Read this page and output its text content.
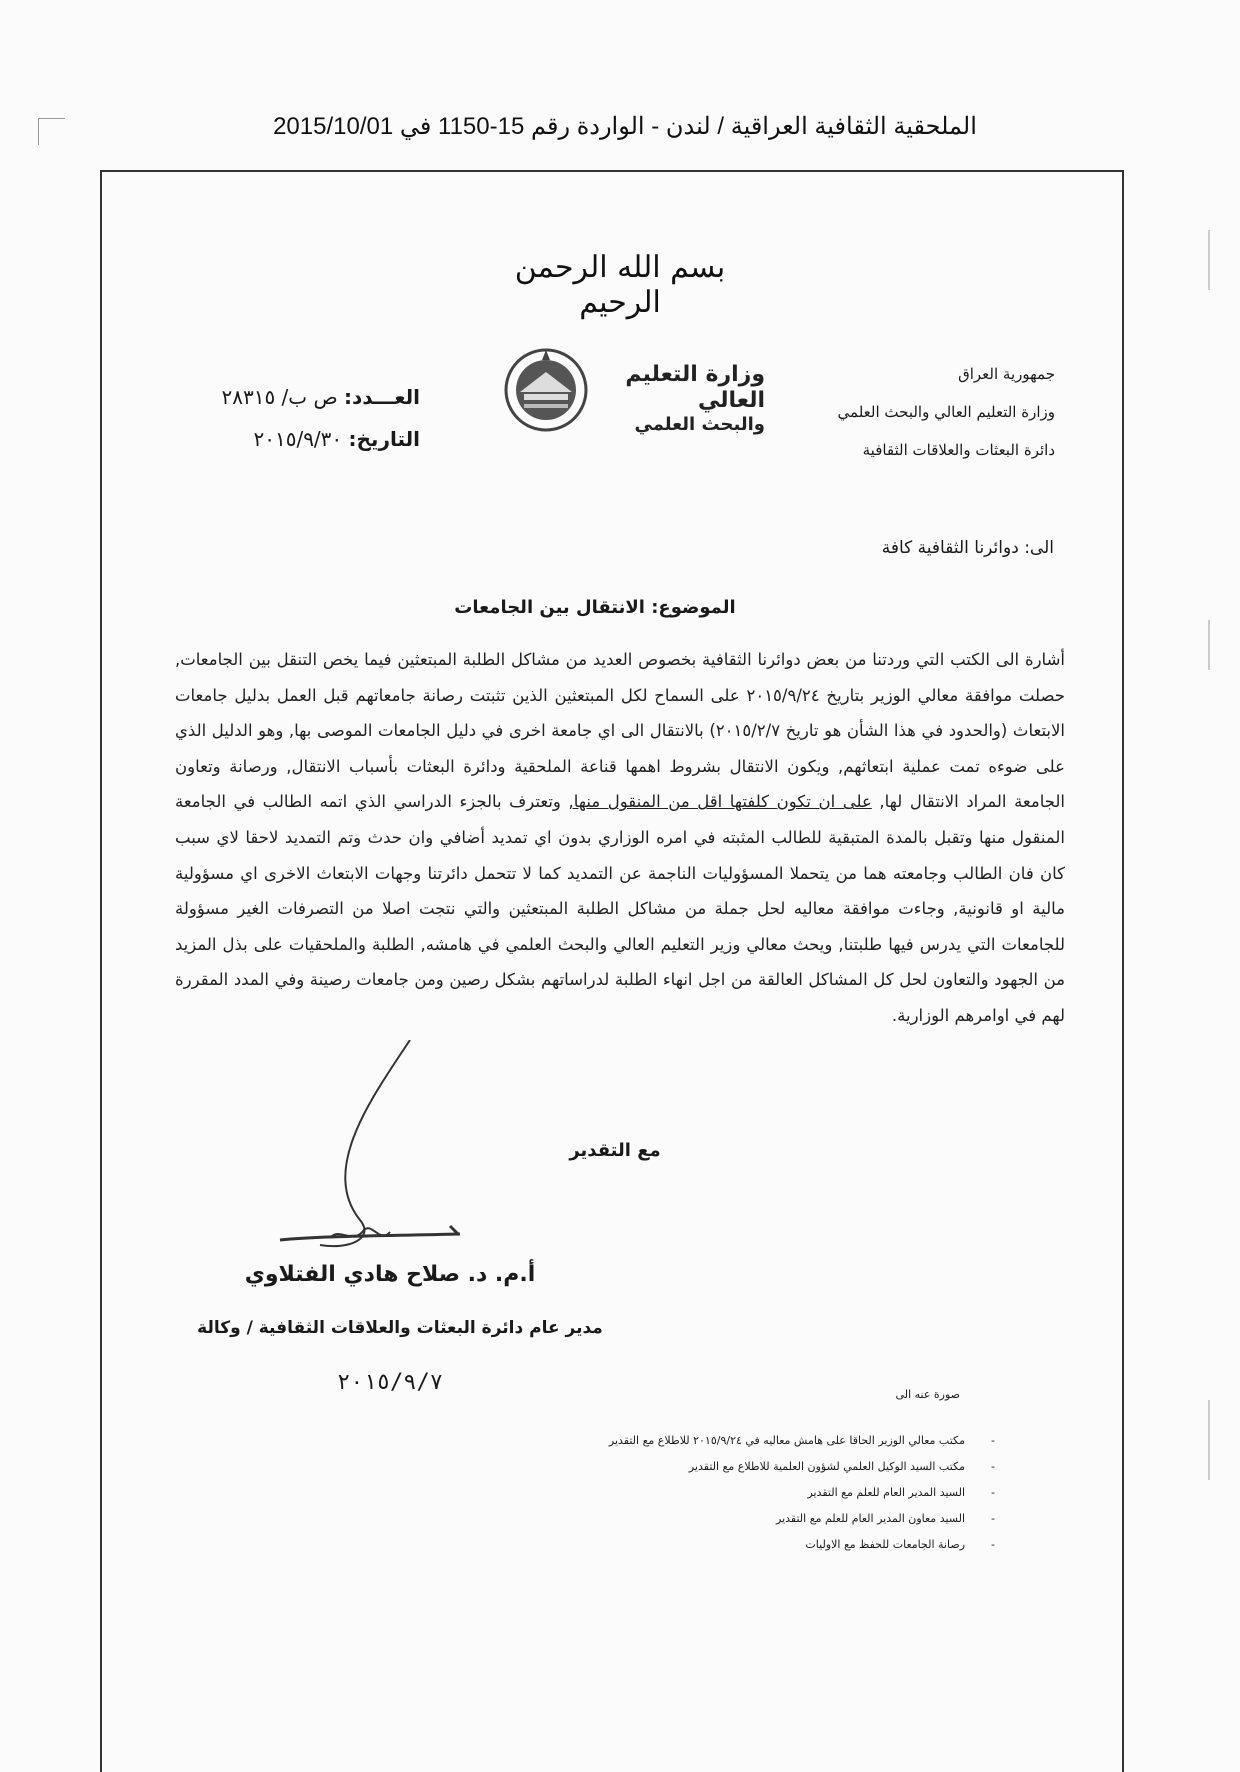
الملحقية الثقافية العراقية / لندن - الواردة رقم 15-1150 في 2015/10/01
بسم الله الرحمن الرحيم
جمهورية العراق
وزارة التعليم العالي والبحث العلمي
دائرة البعثات والعلاقات الثقافية
وزارة التعليم العالي
والبحث العلمي
العـــدد: ص ب/ ٢٨٣١٥
التاريخ: ٢٠١٥/٩/٣٠
الى: دوائرنا الثقافية كافة
الموضوع: الانتقال بين الجامعات
أشارة الى الكتب التي وردتنا من بعض دوائرنا الثقافية بخصوص العديد من مشاكل الطلبة المبتعثين فيما يخص التنقل بين الجامعات, حصلت موافقة معالي الوزير بتاريخ ٢٠١٥/٩/٢٤ على السماح لكل المبتعثين الذين تثبتت رصانة جامعاتهم قبل العمل بدليل جامعات الابتعاث (والحدود في هذا الشأن هو تاريخ ٢٠١٥/٢/٧) بالانتقال الى اي جامعة اخرى في دليل الجامعات الموصى بها, وهو الدليل الذي على ضوءه تمت عملية ابتعاثهم, ويكون الانتقال بشروط اهمها قناعة الملحقية ودائرة البعثات بأسباب الانتقال, ورصانة وتعاون الجامعة المراد الانتقال لها, على ان تكون كلفتها اقل من المنقول منها, وتعترف بالجزء الدراسي الذي اتمه الطالب في الجامعة المنقول منها وتقبل بالمدة المتبقية للطالب المثبته في امره الوزاري بدون اي تمديد أضافي وان حدث وتم التمديد لاحقا لاي سبب كان فان الطالب وجامعته هما من يتحملا المسؤوليات الناجمة عن التمديد كما لا تتحمل دائرتنا وجهات الابتعاث الاخرى اي مسؤولية مالية او قانونية, وجاءت موافقة معاليه لحل جملة من مشاكل الطلبة المبتعثين والتي نتجت اصلا من التصرفات الغير مسؤولة للجامعات التي يدرس فيها طلبتنا, ويحث معالي وزير التعليم العالي والبحث العلمي في هامشه, الطلبة والملحقيات على بذل المزيد من الجهود والتعاون لحل كل المشاكل العالقة من اجل انهاء الطلبة لدراساتهم بشكل رصين ومن جامعات رصينة وفي المدد المقررة لهم في اوامرهم الوزارية.
مع التقدير
أ.م. د. صلاح هادي الفتلاوي
مدير عام دائرة البعثات والعلاقات الثقافية / وكالة
٢٠١٥/٩/٧	صورة عنه الى
- مكتب معالي الوزير الحاقا على هامش معاليه في ٢٠١٥/٩/٢٤ للاطلاع مع التقدير
- مكتب السيد الوكيل العلمي لشؤون العلمية للاطلاع مع التقدير
- السيد المدير العام للعلم مع التقدير
- السيد معاون المدير العام للعلم مع التقدير
- رصانة الجامعات للحفظ مع الاوليات
